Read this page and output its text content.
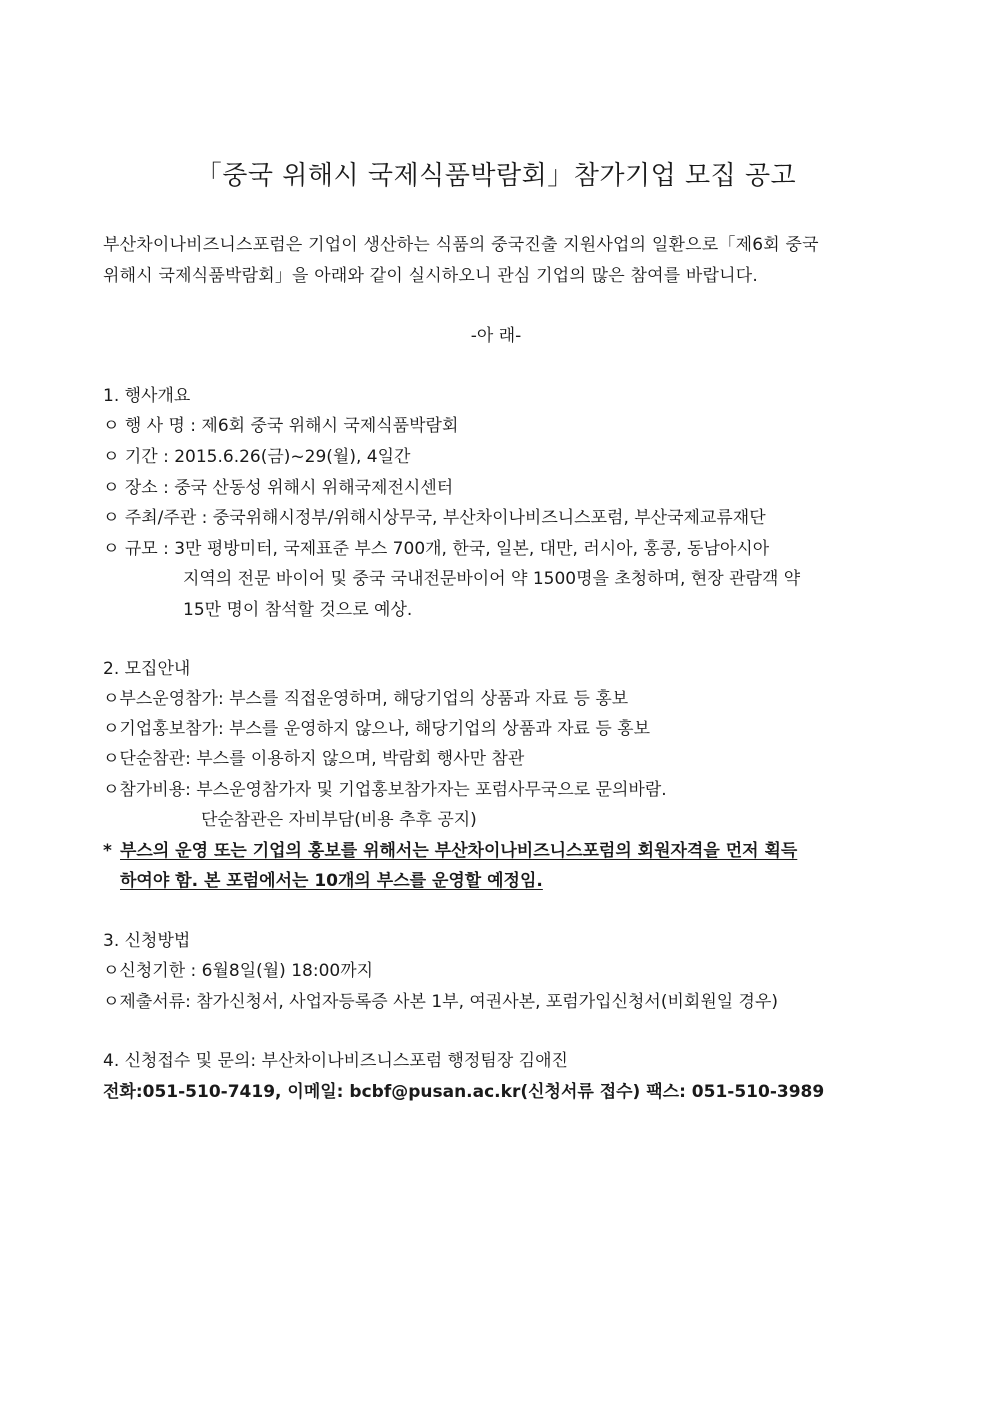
「중국 위해시 국제식품박람회」참가기업 모집 공고
부산차이나비즈니스포럼은 기업이 생산하는 식품의 중국진출 지원사업의 일환으로「제6회 중국
위해시 국제식품박람회」을 아래와 같이 실시하오니 관심 기업의 많은 참여를 바랍니다.
-아 래-
1. 행사개요
ㅇ 행 사 명 : 제6회 중국 위해시 국제식품박람회
ㅇ 기간 : 2015.6.26(금)~29(월), 4일간
ㅇ 장소 : 중국 산동성 위해시 위해국제전시센터
ㅇ 주최/주관 : 중국위해시정부/위해시상무국, 부산차이나비즈니스포럼, 부산국제교류재단
ㅇ 규모 : 3만 평방미터, 국제표준 부스 700개, 한국, 일본, 대만, 러시아, 홍콩, 동남아시아
지역의 전문 바이어 및 중국 국내전문바이어 약 1500명을 초청하며, 현장 관람객 약
15만 명이 참석할 것으로 예상.
2. 모집안내
ㅇ부스운영참가: 부스를 직접운영하며, 해당기업의 상품과 자료 등 홍보
ㅇ기업홍보참가: 부스를 운영하지 않으나, 해당기업의 상품과 자료 등 홍보
ㅇ단순참관: 부스를 이용하지 않으며, 박람회 행사만 참관
ㅇ참가비용: 부스운영참가자 및 기업홍보참가자는 포럼사무국으로 문의바람.
단순참관은 자비부담(비용 추후 공지)
* 부스의 운영 또는 기업의 홍보를 위해서는 부산차이나비즈니스포럼의 회원자격을 먼저 획득
하여야 함. 본 포럼에서는 10개의 부스를 운영할 예정임.
3. 신청방법
ㅇ신청기한 : 6월8일(월) 18:00까지
ㅇ제출서류: 참가신청서, 사업자등록증 사본 1부, 여권사본, 포럼가입신청서(비회원일 경우)
4. 신청접수 및 문의: 부산차이나비즈니스포럼 행정팀장 김애진
전화:051-510-7419, 이메일: bcbf@pusan.ac.kr(신청서류 접수) 팩스: 051-510-3989
